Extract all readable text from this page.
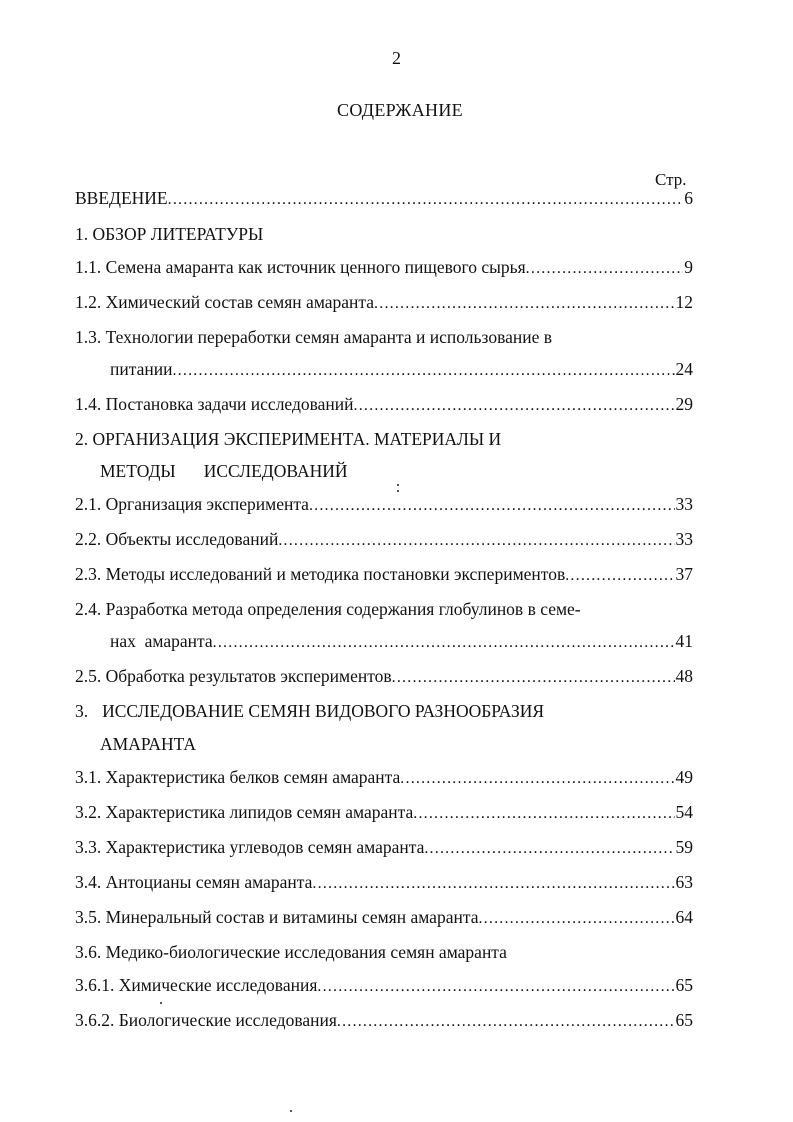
2
СОДЕРЖАНИЕ
Стр.
ВВЕДЕНИЕ .....	6
1. ОБЗОР ЛИТЕРАТУРЫ
1.1. Семена амаранта как источник ценного пищевого сырья .....	9
1.2. Химический состав семян амаранта .....	12
1.3. Технологии переработки семян амаранта и использование в
питании .....	24
1.4. Постановка задачи исследований .....	29
2. ОРГАНИЗАЦИЯ ЭКСПЕРИМЕНТА. МАТЕРИАЛЫ И
МЕТОДЫ ИССЛЕДОВАНИЙ
2.1. Организация эксперимента .....	33
2.2. Объекты исследований .....	33
2.3. Методы исследований и методика постановки экспериментов .....	37
2.4. Разработка метода определения содержания глобулинов в семе-
нах  амаранта .....	41
2.5. Обработка результатов экспериментов .....	48
3. ИССЛЕДОВАНИЕ СЕМЯН ВИДОВОГО РАЗНООБРАЗИЯ
АМАРАНТА
3.1. Характеристика белков семян амаранта .....	49
3.2. Характеристика липидов семян амаранта .....	54
3.3. Характеристика углеводов семян амаранта .....	59
3.4. Антоцианы семян амаранта .....	63
3.5. Минеральный состав и витамины семян амаранта .....	64
3.6. Медико-биологические исследования семян амаранта
3.6.1. Химические исследования .....	65
3.6.2. Биологические исследования .....	65
